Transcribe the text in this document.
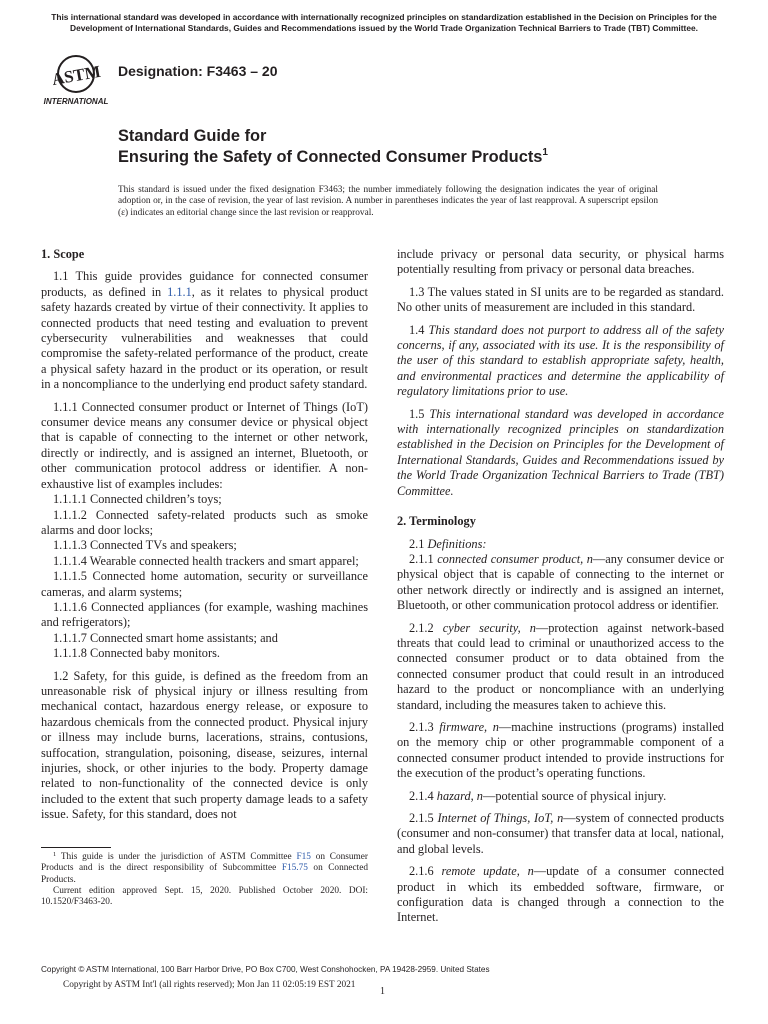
This international standard was developed in accordance with internationally recognized principles on standardization established in the Decision on Principles for the Development of International Standards, Guides and Recommendations issued by the World Trade Organization Technical Barriers to Trade (TBT) Committee.
ASTM
INTERNATIONAL
Designation: F3463 – 20
Standard Guide for
Ensuring the Safety of Connected Consumer Products$^1$
This standard is issued under the fixed designation F3463; the number immediately following the designation indicates the year of original adoption or, in the case of revision, the year of last revision. A number in parentheses indicates the year of last reapproval. A superscript epsilon (ε) indicates an editorial change since the last revision or reapproval.
1. Scope

1.1 This guide provides guidance for connected consumer products, as defined in 1.1.1, as it relates to physical product safety hazards created by virtue of their connectivity. It applies to connected products that need testing and evaluation to prevent cybersecurity vulnerabilities and weaknesses that could compromise the safety-related performance of the product, create a physical safety hazard in the product or its operation, or result in a noncompliance to the underlying end product safety standard.

1.1.1 Connected consumer product or Internet of Things (IoT) consumer device means any consumer device or physical object that is capable of connecting to the internet or other network, directly or indirectly, and is assigned an internet, Bluetooth, or other communication protocol address or identifier. A non-exhaustive list of examples includes:

1.1.1.1 Connected children’s toys;

1.1.1.2 Connected safety-related products such as smoke alarms and door locks;

1.1.1.3 Connected TVs and speakers;

1.1.1.4 Wearable connected health trackers and smart apparel;

1.1.1.5 Connected home automation, security or surveillance cameras, and alarm systems;

1.1.1.6 Connected appliances (for example, washing machines and refrigerators);

1.1.1.7 Connected smart home assistants; and

1.1.1.8 Connected baby monitors.

1.2 Safety, for this guide, is defined as the freedom from an unreasonable risk of physical injury or illness resulting from mechanical contact, hazardous energy release, or exposure to hazardous chemicals from the connected product. Physical injury or illness may include burns, lacerations, strains, contusions, suffocation, strangulation, poisoning, disease, seizures, internal injuries, shock, or other injuries to the body. Property damage related to non-functionality of the connected device is only included to the extent that such property damage leads to a safety issue. Safety, for this standard, does not

include privacy or personal data security, or physical harms potentially resulting from privacy or personal data breaches.

1.3 The values stated in SI units are to be regarded as standard. No other units of measurement are included in this standard.

1.4 This standard does not purport to address all of the safety concerns, if any, associated with its use. It is the responsibility of the user of this standard to establish appropriate safety, health, and environmental practices and determine the applicability of regulatory limitations prior to use.

1.5 This international standard was developed in accordance with internationally recognized principles on standardization established in the Decision on Principles for the Development of International Standards, Guides and Recommendations issued by the World Trade Organization Technical Barriers to Trade (TBT) Committee.

2. Terminology

2.1 Definitions:

2.1.1 connected consumer product, n—any consumer device or physical object that is capable of connecting to the internet or other network directly or indirectly and is assigned an internet, Bluetooth, or other communication protocol address or identifier.

2.1.2 cyber security, n—protection against network-based threats that could lead to criminal or unauthorized access to the connected consumer product or to data obtained from the connected consumer product that could result in an introduced hazard to the product or noncompliance with an underlying standard, including the measures taken to achieve this.

2.1.3 firmware, n—machine instructions (programs) installed on the memory chip or other programmable component of a connected consumer product intended to provide instructions for the execution of the product’s operating functions.

2.1.4 hazard, n—potential source of physical injury.

2.1.5 Internet of Things, IoT, n—system of connected products (consumer and non-consumer) that transfer data at local, national, and global levels.

2.1.6 remote update, n—update of a consumer connected product in which its embedded software, firmware, or configuration data is changed through a connection to the Internet.

$^1$ This guide is under the jurisdiction of ASTM Committee F15 on Consumer Products and is the direct responsibility of Subcommittee F15.75 on Connected Products.

Current edition approved Sept. 15, 2020. Published October 2020. DOI: 10.1520/F3463-20.

Copyright © ASTM International, 100 Barr Harbor Drive, PO Box C700, West Conshohocken, PA 19428-2959. United States
Copyright by ASTM Int'l (all rights reserved); Mon Jan 11 02:05:19 EST 2021
1
